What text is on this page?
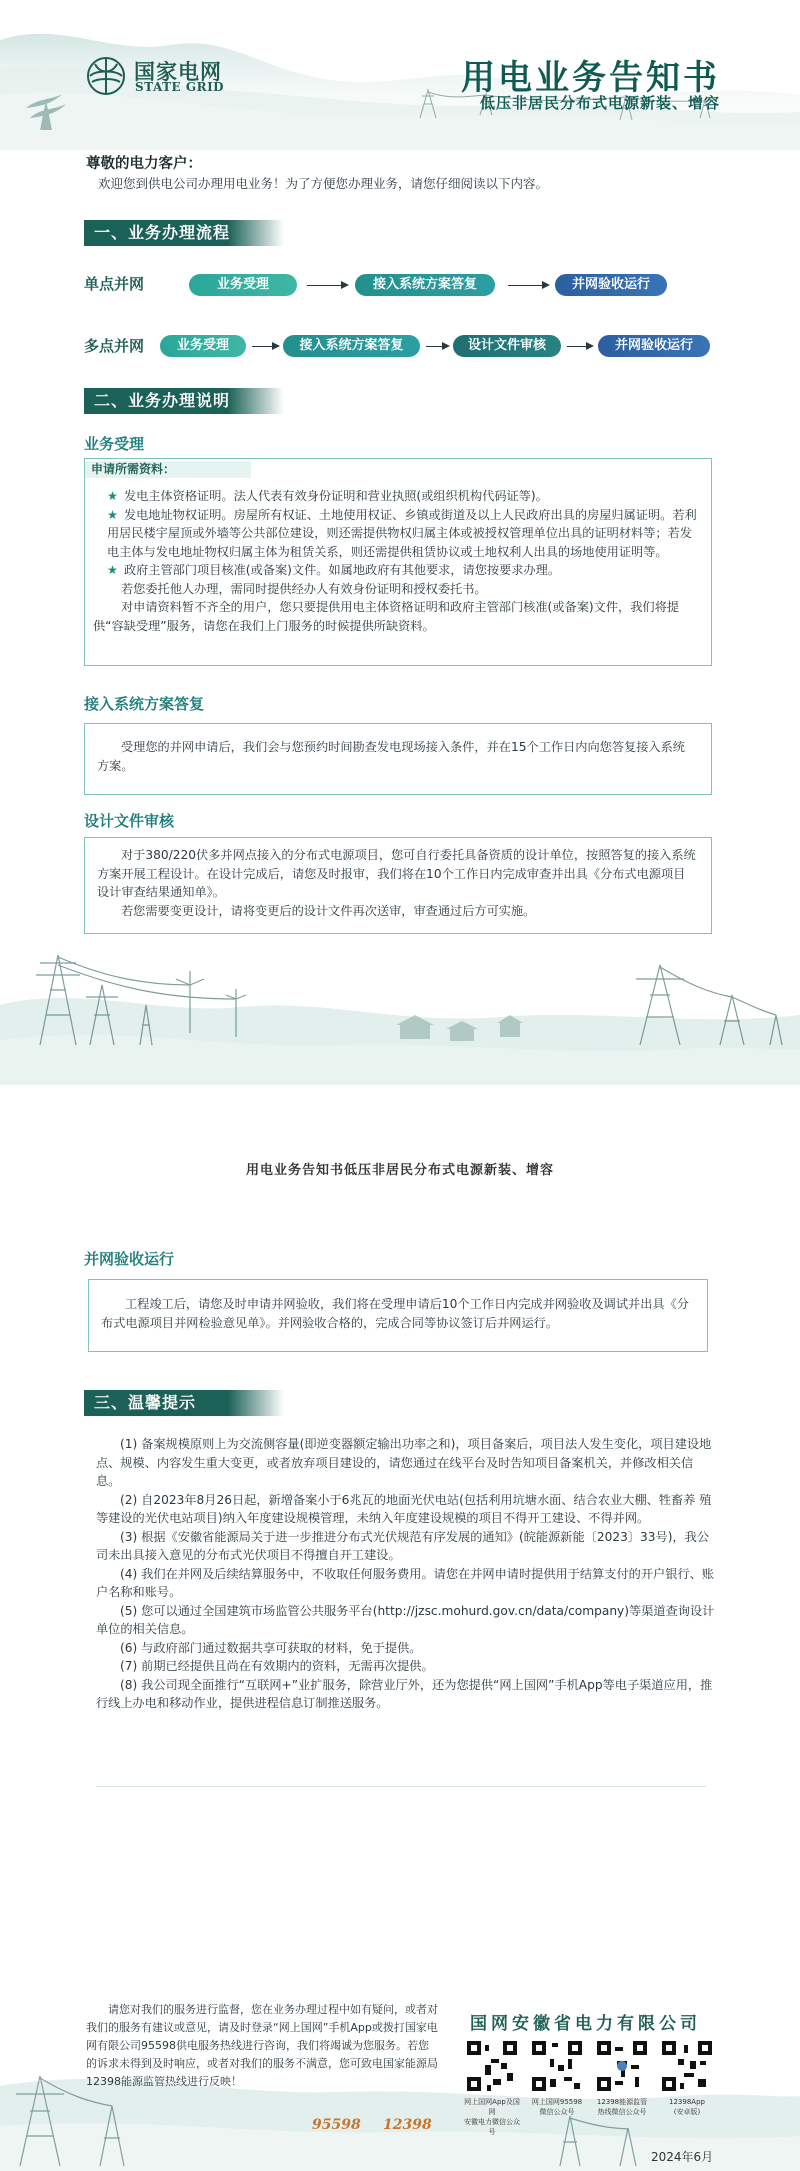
国家电网
STATE GRID	用电业务告知书
低压非居民分布式电源新装、增容
尊敬的电力客户：
欢迎您到供电公司办理用电业务！为了方便您办理业务，请您仔细阅读以下内容。
一、业务办理流程
单点并网	业务受理	接入系统方案答复	并网验收运行
多点并网	业务受理	接入系统方案答复	设计文件审核	并网验收运行
二、业务办理说明
业务受理
申请所需资料：
★ 发电主体资格证明。法人代表有效身份证明和营业执照(或组织机构代码证等)。
★ 发电地址物权证明。房屋所有权证、土地使用权证、乡镇或街道及以上人民政府出具的房屋归属证明。若利用居民楼宇屋顶或外墙等公共部位建设，则还需提供物权归属主体或被授权管理单位出具的证明材料等；若发电主体与发电地址物权归属主体为租赁关系，则还需提供租赁协议或土地权利人出具的场地使用证明等。
★ 政府主管部门项目核准(或备案)文件。如属地政府有其他要求，请您按要求办理。
若您委托他人办理，需同时提供经办人有效身份证明和授权委托书。
对申请资料暂不齐全的用户，您只要提供用电主体资格证明和政府主管部门核准(或备案)文件，我们将提供“容缺受理”服务，请您在我们上门服务的时候提供所缺资料。
接入系统方案答复
受理您的并网申请后，我们会与您预约时间勘查发电现场接入条件，并在15个工作日内向您答复接入系统方案。
设计文件审核
对于380/220伏多并网点接入的分布式电源项目，您可自行委托具备资质的设计单位，按照答复的接入系统方案开展工程设计。在设计完成后，请您及时报审，我们将在10个工作日内完成审查并出具《分布式电源项目设计审查结果通知单》。
若您需要变更设计，请将变更后的设计文件再次送审，审查通过后方可实施。
用电业务告知书低压非居民分布式电源新装、增容
并网验收运行
工程竣工后，请您及时申请并网验收，我们将在受理申请后10个工作日内完成并网验收及调试并出具《分布式电源项目并网检验意见单》。并网验收合格的，完成合同等协议签订后并网运行。
三、温馨提示
(1) 备案规模原则上为交流侧容量(即逆变器额定输出功率之和)，项目备案后，项目法人发生变化，项目建设地点、规模、内容发生重大变更，或者放弃项目建设的，请您通过在线平台及时告知项目备案机关，并修改相关信息。
(2) 自2023年8月26日起，新增备案小于6兆瓦的地面光伏电站(包括利用坑塘水面、结合农业大棚、牲畜养 殖等建设的光伏电站项目)纳入年度建设规模管理，未纳入年度建设规模的项目不得开工建设、不得并网。
(3) 根据《安徽省能源局关于进一步推进分布式光伏规范有序发展的通知》(皖能源新能〔2023〕33号)，我公司未出具接入意见的分布式光伏项目不得擅自开工建设。
(4) 我们在并网及后续结算服务中，不收取任何服务费用。请您在并网申请时提供用于结算支付的开户银行、账户名称和账号。
(5) 您可以通过全国建筑市场监管公共服务平台(http://jzsc.mohurd.gov.cn/data/company)等渠道查询设计单位的相关信息。
(6) 与政府部门通过数据共享可获取的材料，免于提供。
(7) 前期已经提供且尚在有效期内的资料，无需再次提供。
(8) 我公司现全面推行“互联网+”业扩服务，除营业厅外，还为您提供“网上国网”手机App等电子渠道应用，推行线上办电和移动作业，提供进程信息订制推送服务。
请您对我们的服务进行监督，您在业务办理过程中如有疑问，或者对我们的服务有建议或意见，请及时登录“网上国网”手机App或拨打国家电网有限公司95598供电服务热线进行咨询，我们将竭诚为您服务。若您的诉求未得到及时响应，或者对我们的服务不满意，您可致电国家能源局12398能源监管热线进行反映！
95598 12398
国网安徽省电力有限公司
网上国网App及国网
安徽电力微信公众号
网上国网95598
微信公众号
12398能源监管
热线微信公众号
12398App
(安卓版)
2024年6月
